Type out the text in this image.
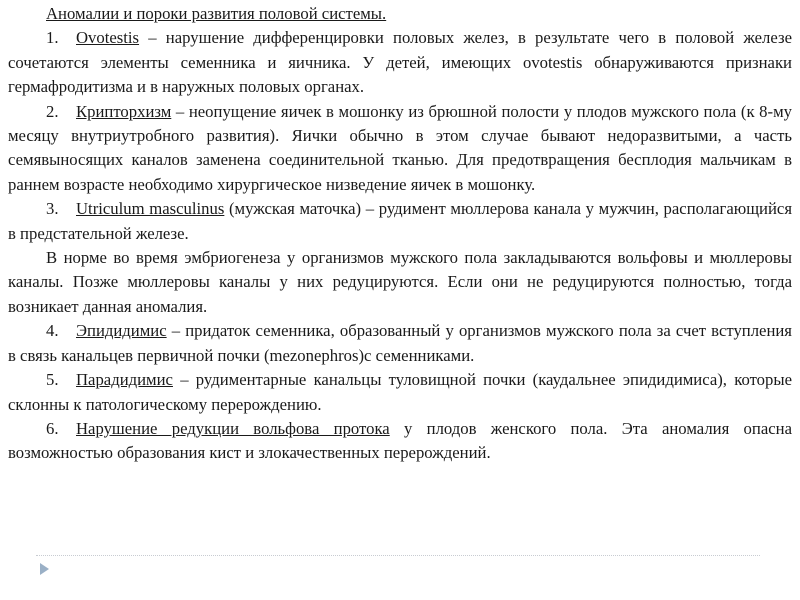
Аномалии и пороки развития половой системы.

1. Ovotestis – нарушение дифференцировки половых желез, в результате чего в половой железе сочетаются элементы семенника и яичника. У детей, имеющих ovotestis обнаруживаются признаки гермафродитизма и в наружных половых органах.

2. Крипторхизм – неопущение яичек в мошонку из брюшной полости у плодов мужского пола (к 8-му месяцу внутриутробного развития). Яички обычно в этом случае бывают недоразвитыми, а часть семявыносящих каналов заменена соединительной тканью. Для предотвращения бесплодия мальчикам в раннем возрасте необходимо хирургическое низведение яичек в мошонку.

3. Utriculum masculinus (мужская маточка) – рудимент мюллерова канала у мужчин, располагающийся в предстательной железе.

В норме во время эмбриогенеза у организмов мужского пола закладываются вольфовы и мюллеровы каналы. Позже мюллеровы каналы у них редуцируются. Если они не редуцируются полностью, тогда возникает данная аномалия.

4. Эпидидимис – придаток семенника, образованный у организмов мужского пола за счет вступления в связь канальцев первичной почки (mezonephros)с семенниками.

5. Парадидимис – рудиментарные канальцы туловищной почки (каудальнее эпидидимиса), которые склонны к патологическому перерождению.

6. Нарушение редукции вольфова протока у плодов женского пола. Эта аномалия опасна возможностью образования кист и злокачественных перерождений.
